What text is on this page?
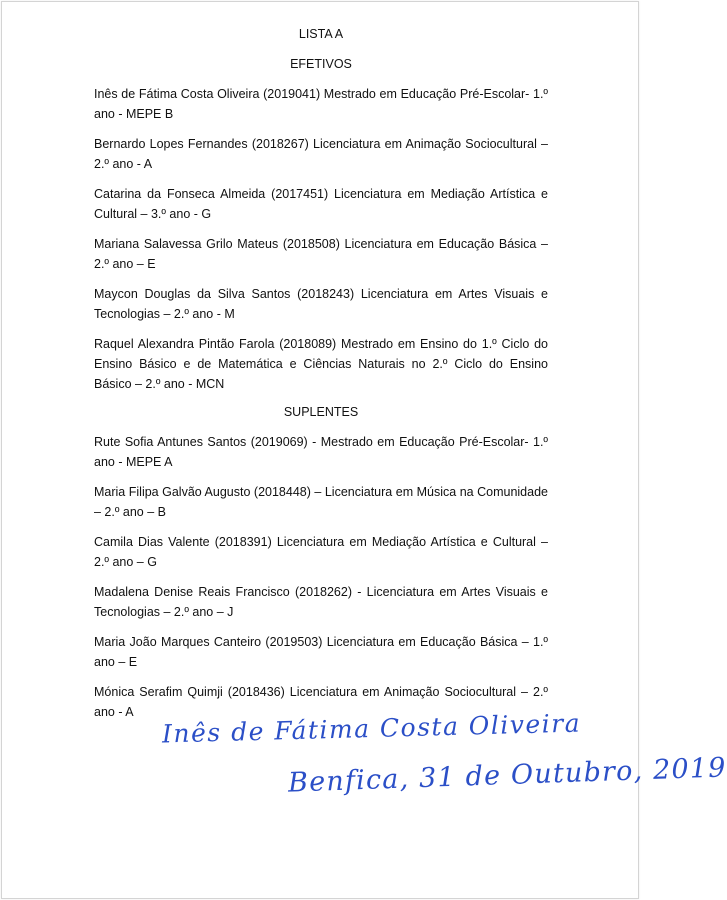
LISTA A

EFETIVOS

Inês de Fátima Costa Oliveira (2019041) Mestrado em Educação Pré-Escolar- 1.º ano - MEPE B

Bernardo Lopes Fernandes (2018267) Licenciatura em Animação Sociocultural – 2.º ano - A

Catarina da Fonseca Almeida (2017451) Licenciatura em Mediação Artística e Cultural – 3.º ano - G

Mariana Salavessa Grilo Mateus (2018508) Licenciatura em Educação Básica – 2.º ano – E

Maycon Douglas da Silva Santos (2018243) Licenciatura em Artes Visuais e Tecnologias – 2.º ano - M

Raquel Alexandra Pintão Farola (2018089) Mestrado em Ensino do 1.º Ciclo do Ensino Básico e de Matemática e Ciências Naturais no 2.º Ciclo do Ensino Básico – 2.º ano - MCN

SUPLENTES

Rute Sofia Antunes Santos (2019069) - Mestrado em Educação Pré-Escolar- 1.º ano - MEPE A

Maria Filipa Galvão Augusto (2018448) – Licenciatura em Música na Comunidade – 2.º ano – B

Camila Dias Valente (2018391) Licenciatura em Mediação Artística e Cultural – 2.º ano – G

Madalena Denise Reais Francisco (2018262) - Licenciatura em Artes Visuais e Tecnologias – 2.º ano – J

Maria João Marques Canteiro (2019503) Licenciatura em Educação Básica – 1.º ano – E

Mónica Serafim Quimji (2018436) Licenciatura em Animação Sociocultural – 2.º ano - A	Inês de Fátima Costa Oliveira
Benfica, 31 de Outubro, 2019
